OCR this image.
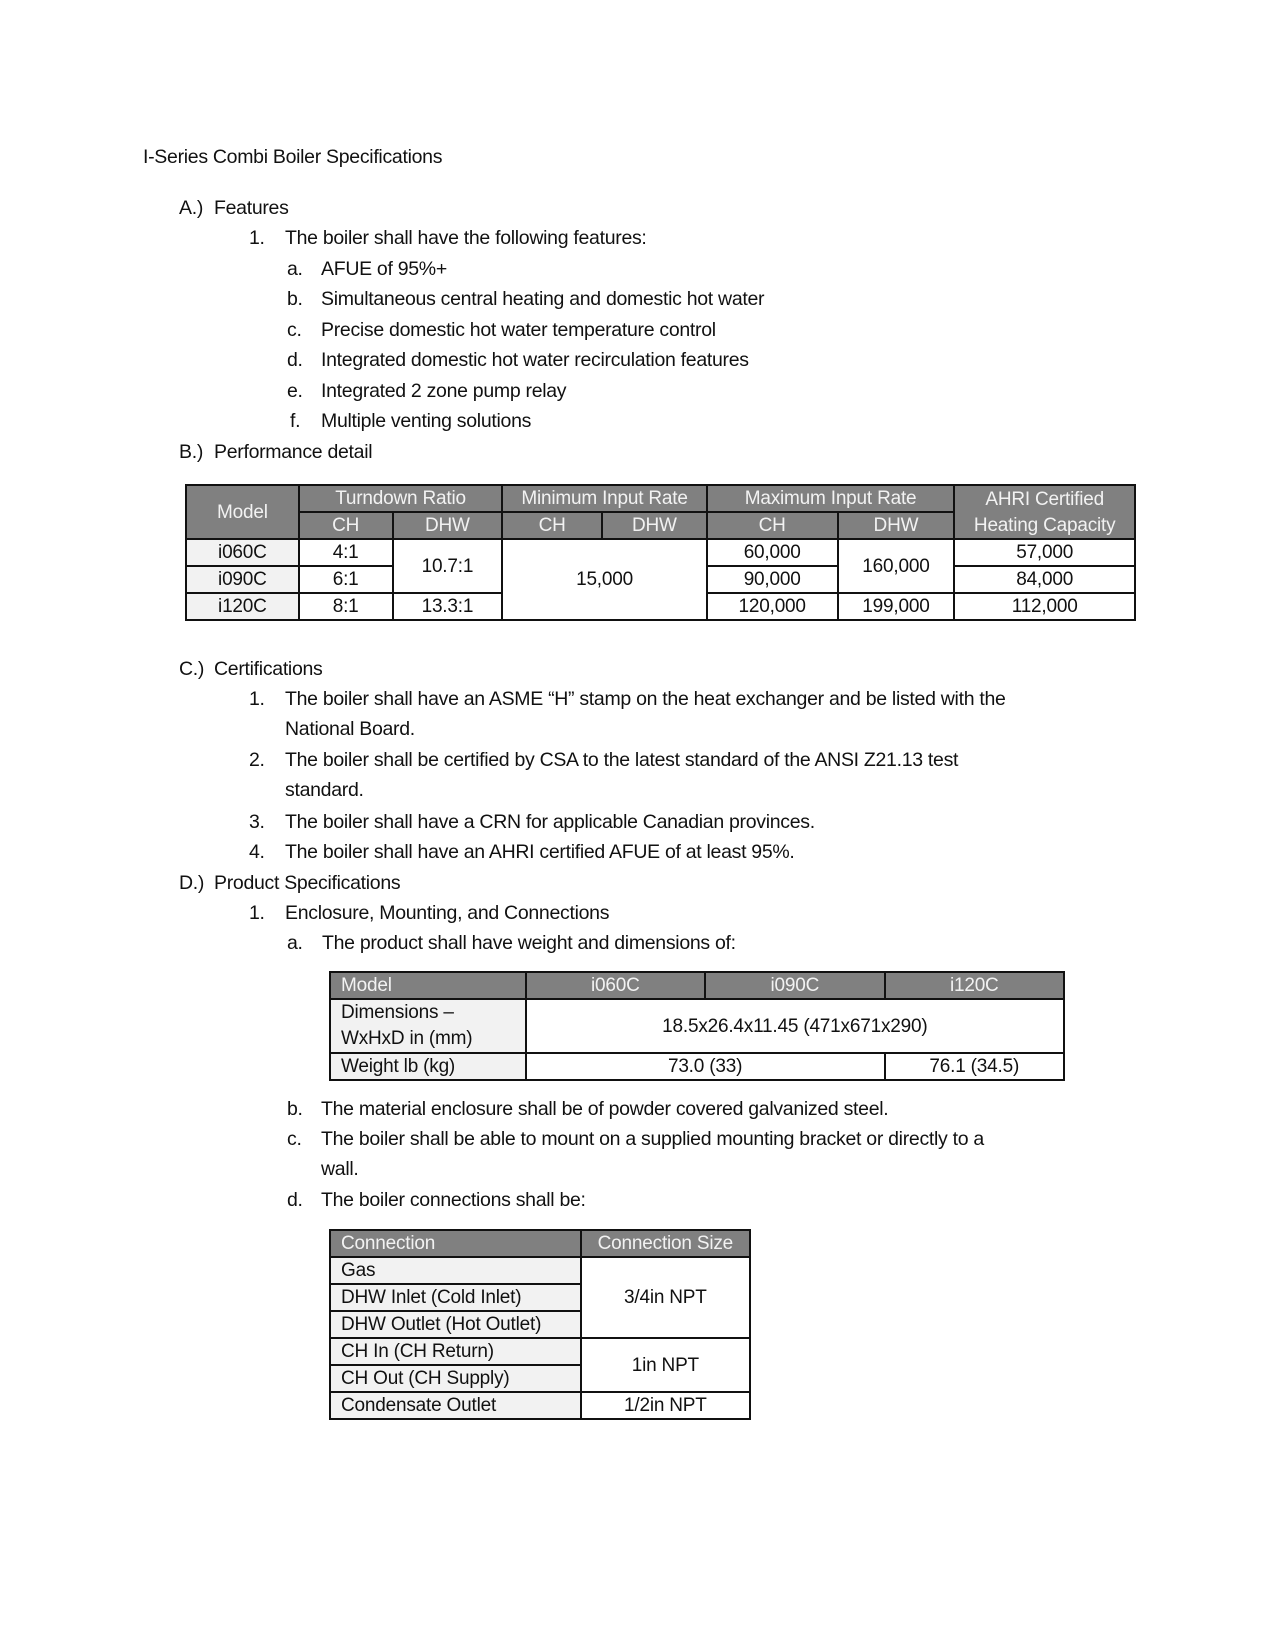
I-Series Combi Boiler Specifications
A.) Features
1. The boiler shall have the following features:
a. AFUE of 95%+
b. Simultaneous central heating and domestic hot water
c. Precise domestic hot water temperature control
d. Integrated domestic hot water recirculation features
e. Integrated 2 zone pump relay
f. Multiple venting solutions
B.) Performance detail
Model	Turndown Ratio		Minimum Input Rate		Maximum Input Rate		AHRI Certified
	CH	DHW	CH	DHW	CH	DHW	Heating Capacity
i060C	4:1	10.7:1	15,000		60,000	160,000	57,000
i090C	6:1				90,000		84,000
i120C	8:1	13.3:1			120,000	199,000	112,000
C.) Certifications
1. The boiler shall have an ASME “H” stamp on the heat exchanger and be listed with the
National Board.
2. The boiler shall be certified by CSA to the latest standard of the ANSI Z21.13 test
standard.
3. The boiler shall have a CRN for applicable Canadian provinces.
4. The boiler shall have an AHRI certified AFUE of at least 95%.
D.) Product Specifications
1. Enclosure, Mounting, and Connections
a. The product shall have weight and dimensions of:
Model	i060C	i090C	i120C

Dimensions –
WxHxD in (mm)	18.5x26.4x11.45 (471x671x290)		
Weight lb (kg)	73.0 (33)		76.1 (34.5)
b. The material enclosure shall be of powder covered galvanized steel.
c. The boiler shall be able to mount on a supplied mounting bracket or directly to a
wall.
d. The boiler connections shall be:
Connection	Connection Size
Gas	3/4in NPT
DHW Inlet (Cold Inlet)	
DHW Outlet (Hot Outlet)	
CH In (CH Return)	1in NPT
CH Out (CH Supply)	
Condensate Outlet	1/2in NPT
